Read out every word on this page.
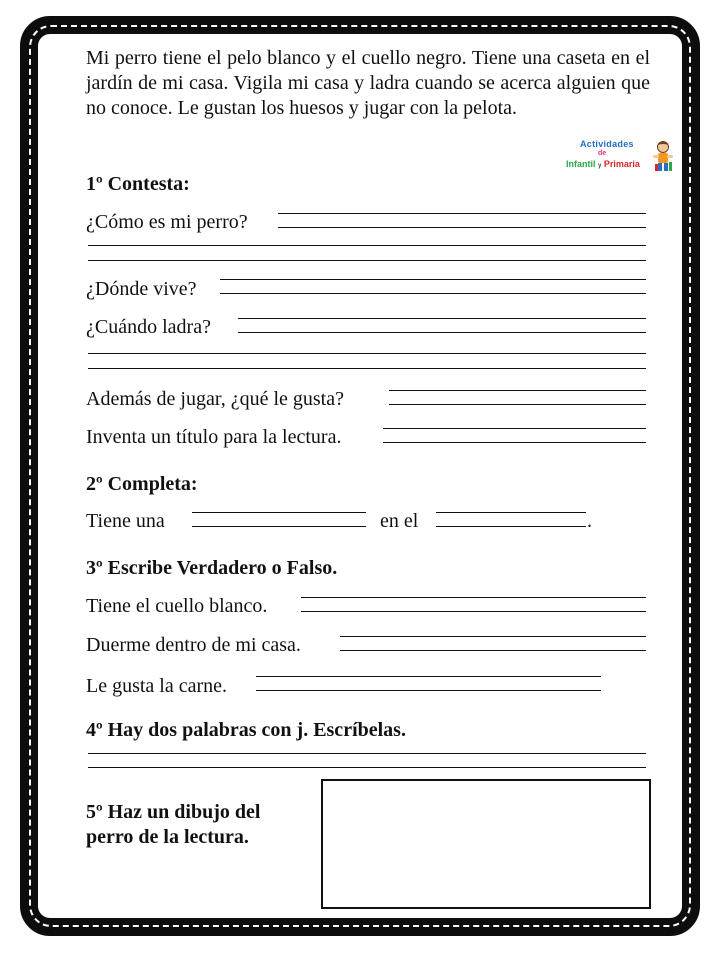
Mi perro tiene el pelo blanco y el cuello negro. Tiene una caseta en el jardín de mi casa. Vigila mi casa y ladra cuando se acerca alguien que no conoce. Le gustan los huesos y jugar con la pelota.

Actividades
de
Infantil y Primaria
1º Contesta:
¿Cómo es mi perro?
¿Dónde vive?
¿Cuándo ladra?
Además de jugar, ¿qué le gusta?
Inventa un título para la lectura.
2º Completa:
Tiene una	en el	.
3º Escribe Verdadero o Falso.
Tiene el cuello blanco.
Duerme dentro de mi casa.
Le gusta la carne.
4º Hay dos palabras con j. Escríbelas.
5º Haz un dibujo del
perro de la lectura.
